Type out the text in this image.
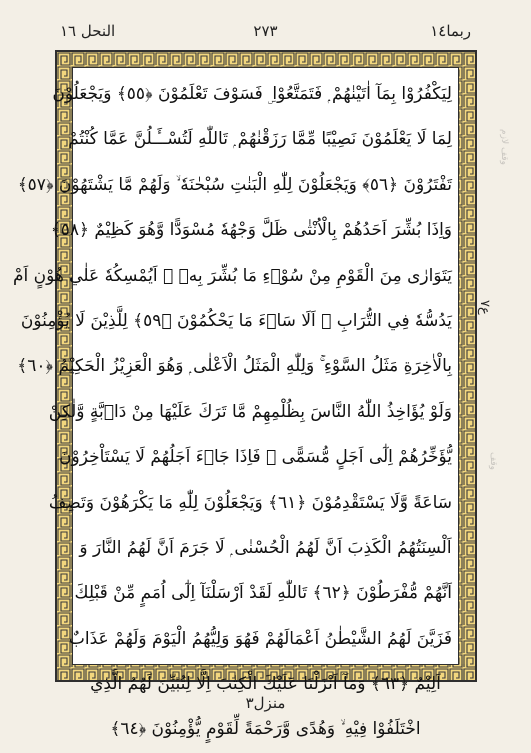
النحل ١٦	٢٧٣	ربما١٤
لِيَكْفُرُوْا بِمَآ اٰتَيْنٰهُمْ ۭ فَتَمَتَّعُوْا ۣ فَسَوْفَ تَعْلَمُوْنَ ﴿٥٥﴾ وَيَجْعَلُوْنَ
لِمَا لَا يَعْلَمُوْنَ نَصِيْبًا مِّمَّا رَزَقْنٰهُمْ ۭ تَاللّٰهِ لَتُسْــَٔـلُنَّ عَمَّا كُنْتُمْ
تَفْتَرُوْنَ ﴿٥٦﴾ وَيَجْعَلُوْنَ لِلّٰهِ الْبَنٰتِ سُبْحٰنَهٗ ۙ وَلَهُمْ مَّا يَشْتَهُوْنَ ﴿٥٧﴾
وَاِذَا بُشِّرَ اَحَدُهُمْ بِالْاُنْثٰى ظَلَّ وَجْهُهٗ مُسْوَدًّا وَّهُوَ كَظِيْمٌ ﴿٥٨﴾
يَتَوَارٰى مِنَ الْقَوْمِ مِنْ سُوْۗءِ مَا بُشِّرَ بِهٖ ۭ اَيُمْسِكُهٗ عَلٰي هُوْنٍ اَمْ
يَدُسُّهٗ فِي التُّرَابِ ۭ اَلَا سَاۗءَ مَا يَحْكُمُوْنَ ﴿٥٩﴾ لِلَّذِيْنَ لَا يُؤْمِنُوْنَ
بِالْاٰخِرَةِ مَثَلُ السَّوْءِ ۚ وَلِلّٰهِ الْمَثَلُ الْاَعْلٰى ۭ وَهُوَ الْعَزِيْزُ الْحَكِيْمُ ﴿٦٠﴾
وَلَوْ يُؤَاخِذُ اللّٰهُ النَّاسَ بِظُلْمِهِمْ مَّا تَرَكَ عَلَيْهَا مِنْ دَاۗبَّةٍ وَّلٰكِنْ
يُّؤَخِّرُهُمْ اِلٰٓى اَجَلٍ مُّسَمًّى ۚ فَاِذَا جَاۗءَ اَجَلُهُمْ لَا يَسْتَاْخِرُوْنَ
سَاعَةً وَّلَا يَسْتَقْدِمُوْنَ ﴿٦١﴾ وَيَجْعَلُوْنَ لِلّٰهِ مَا يَكْرَهُوْنَ وَتَصِفُ
اَلْسِنَتُهُمُ الْكَذِبَ اَنَّ لَهُمُ الْحُسْنٰى ۭ لَا جَرَمَ اَنَّ لَهُمُ النَّارَ وَ
اَنَّهُمْ مُّفْرَطُوْنَ ﴿٦٢﴾ تَاللّٰهِ لَقَدْ اَرْسَلْنَآ اِلٰٓى اُمَمٍ مِّنْ قَبْلِكَ
فَزَيَّنَ لَهُمُ الشَّيْطٰنُ اَعْمَالَهُمْ فَهُوَ وَلِيُّهُمُ الْيَوْمَ وَلَهُمْ عَذَابٌ
اَلِيْمٌ ﴿٦٣﴾ وَمَآ اَنْزَلْنَا عَلَيْكَ الْكِتٰبَ اِلَّا لِتُبَيِّنَ لَهُمُ الَّذِي
اخْتَلَفُوْا فِيْهِ ۙ وَهُدًى وَّرَحْمَةً لِّقَوْمٍ يُّؤْمِنُوْنَ ﴿٦٤﴾
ع٧
وقف لازم
وقف
منزل٣
